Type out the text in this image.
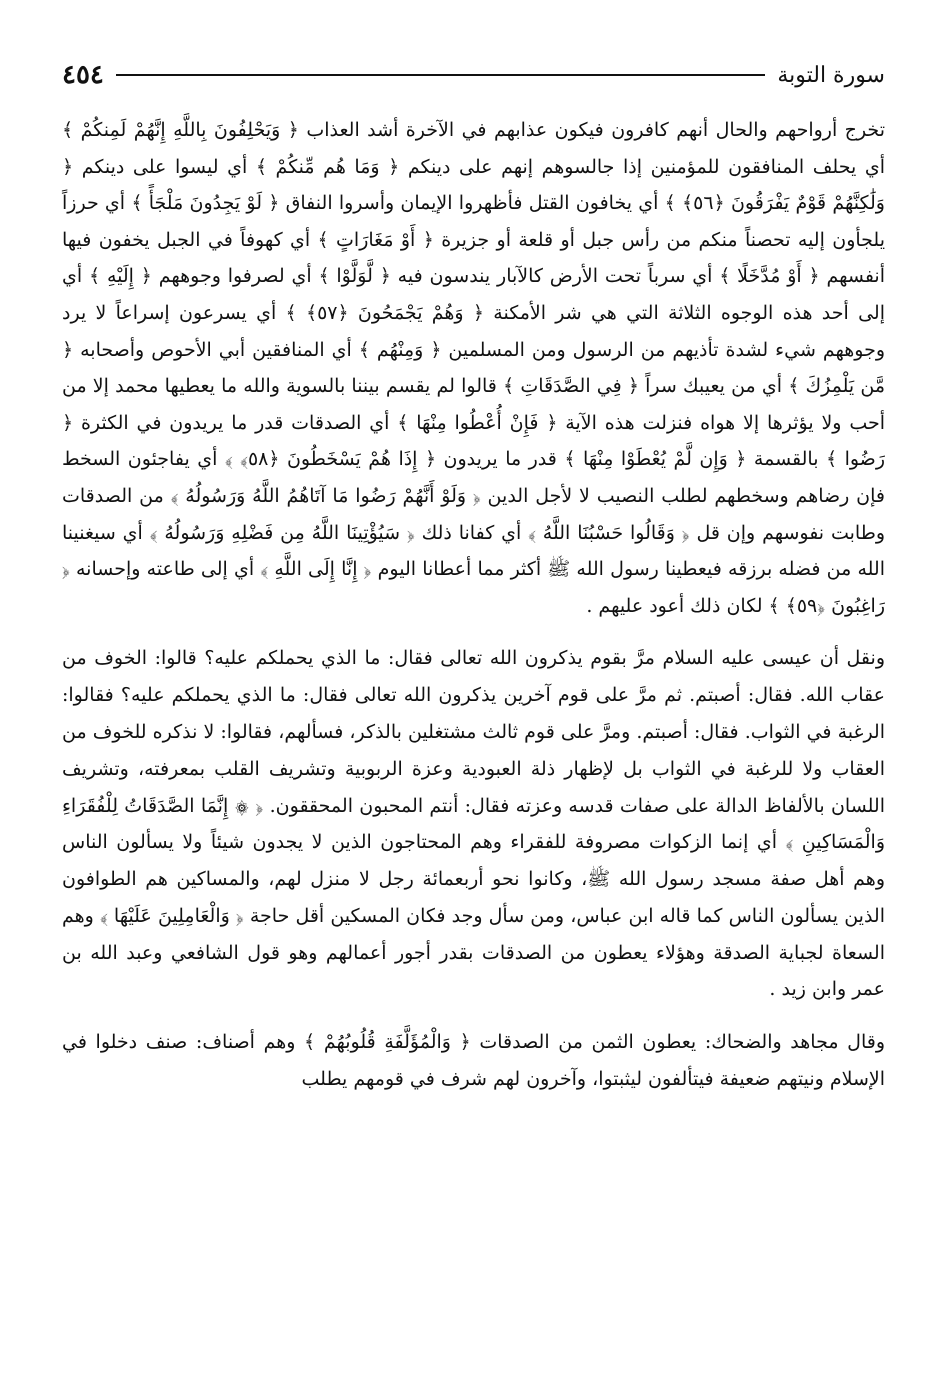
٤٥٤	سورة التوبة

تخرج أرواحهم والحال أنهم كافرون فيكون عذابهم في الآخرة أشد العذاب ﴿ وَيَحْلِفُونَ بِاللَّهِ إِنَّهُمْ لَمِنكُمْ ﴾ أي يحلف المنافقون للمؤمنين إذا جالسوهم إنهم على دينكم ﴿ وَمَا هُم مِّنكُمْ ﴾ أي ليسوا على دينكم ﴿ وَلَٰكِنَّهُمْ قَوْمٌ يَفْرَقُونَ ﴿٥٦﴾ ﴾ أي يخافون القتل فأظهروا الإيمان وأسروا النفاق ﴿ لَوْ يَجِدُونَ مَلْجَأً ﴾ أي حرزاً يلجأون إليه تحصناً منكم من رأس جبل أو قلعة أو جزيرة ﴿ أَوْ مَغَارَاتٍ ﴾ أي كهوفاً في الجبل يخفون فيها أنفسهم ﴿ أَوْ مُدَّخَلًا ﴾ أي سرباً تحت الأرض كالآبار يندسون فيه ﴿ لَّوَلَّوْا ﴾ أي لصرفوا وجوههم ﴿ إِلَيْهِ ﴾ أي إلى أحد هذه الوجوه الثلاثة التي هي شر الأمكنة ﴿ وَهُمْ يَجْمَحُونَ ﴿٥٧﴾ ﴾ أي يسرعون إسراعاً لا يرد وجوههم شيء لشدة تأذيهم من الرسول ومن المسلمين ﴿ وَمِنْهُم ﴾ أي المنافقين أبي الأحوص وأصحابه ﴿ مَّن يَلْمِزُكَ ﴾ أي من يعيبك سراً ﴿ فِي الصَّدَقَاتِ ﴾ قالوا لم يقسم بيننا بالسوية والله ما يعطيها محمد إلا من أحب ولا يؤثرها إلا هواه فنزلت هذه الآية ﴿ فَإِنْ أُعْطُوا مِنْهَا ﴾ أي الصدقات قدر ما يريدون في الكثرة ﴿ رَضُوا ﴾ بالقسمة ﴿ وَإِن لَّمْ يُعْطَوْا مِنْهَا ﴾ قدر ما يريدون ﴿ إِذَا هُمْ يَسْخَطُونَ ﴿٥٨﴾ ﴾ أي يفاجئون السخط فإن رضاهم وسخطهم لطلب النصيب لا لأجل الدين ﴿ وَلَوْ أَنَّهُمْ رَضُوا مَا آتَاهُمُ اللَّهُ وَرَسُولُهُ ﴾ من الصدقات وطابت نفوسهم وإن قل ﴿ وَقَالُوا حَسْبُنَا اللَّهُ ﴾ أي كفانا ذلك ﴿ سَيُؤْتِينَا اللَّهُ مِن فَضْلِهِ وَرَسُولُهُ ﴾ أي سيغنينا الله من فضله برزقه فيعطينا رسول الله ﷺ أكثر مما أعطانا اليوم ﴿ إِنَّا إِلَى اللَّهِ ﴾ أي إلى طاعته وإحسانه ﴿ رَاغِبُونَ ﴿٥٩﴾ ﴾ لكان ذلك أعود عليهم .

ونقل أن عيسى عليه السلام مرَّ بقوم يذكرون الله تعالى فقال: ما الذي يحملكم عليه؟ قالوا: الخوف من عقاب الله. فقال: أصبتم. ثم مرَّ على قوم آخرين يذكرون الله تعالى فقال: ما الذي يحملكم عليه؟ فقالوا: الرغبة في الثواب. فقال: أصبتم. ومرَّ على قوم ثالث مشتغلين بالذكر، فسألهم، فقالوا: لا نذكره للخوف من العقاب ولا للرغبة في الثواب بل لإظهار ذلة العبودية وعزة الربوبية وتشريف القلب بمعرفته، وتشريف اللسان بالألفاظ الدالة على صفات قدسه وعزته فقال: أنتم المحبون المحققون. ﴿ ۞ إِنَّمَا الصَّدَقَاتُ لِلْفُقَرَاءِ وَالْمَسَاكِينِ ﴾ أي إنما الزكوات مصروفة للفقراء وهم المحتاجون الذين لا يجدون شيئاً ولا يسألون الناس وهم أهل صفة مسجد رسول الله ﷺ، وكانوا نحو أربعمائة رجل لا منزل لهم، والمساكين هم الطوافون الذين يسألون الناس كما قاله ابن عباس، ومن سأل وجد فكان المسكين أقل حاجة ﴿ وَالْعَامِلِينَ عَلَيْهَا ﴾ وهم السعاة لجباية الصدقة وهؤلاء يعطون من الصدقات بقدر أجور أعمالهم وهو قول الشافعي وعبد الله بن عمر وابن زيد .

وقال مجاهد والضحاك: يعطون الثمن من الصدقات ﴿ وَالْمُؤَلَّفَةِ قُلُوبُهُمْ ﴾ وهم أصناف: صنف دخلوا في الإسلام ونيتهم ضعيفة فيتألفون ليثبتوا، وآخرون لهم شرف في قومهم يطلب
